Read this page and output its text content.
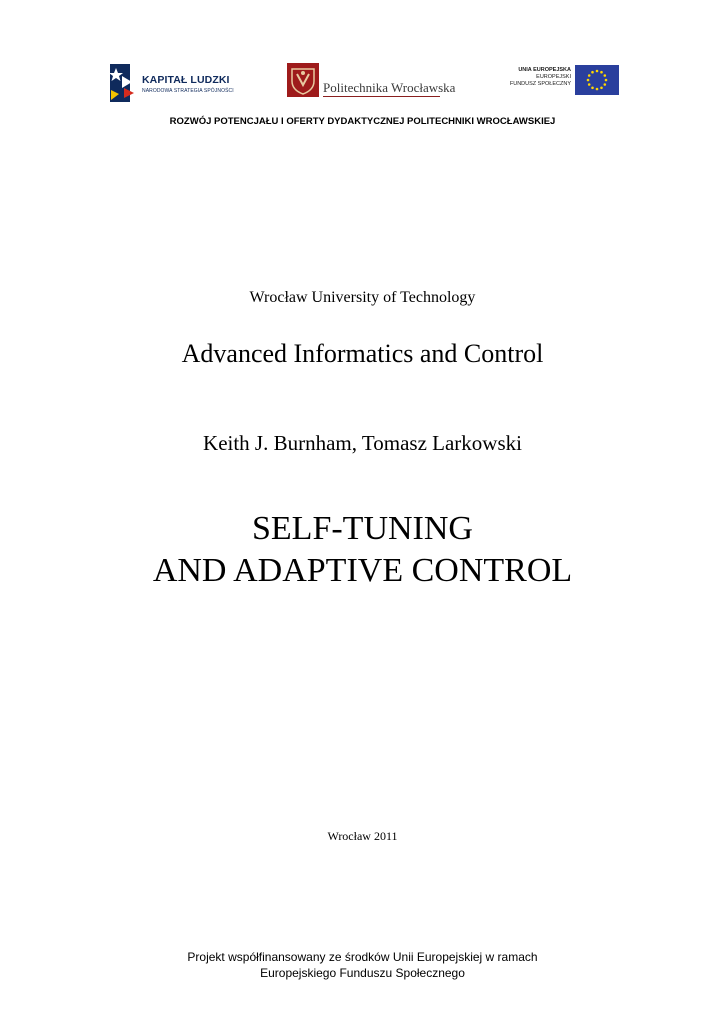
KAPITAŁ LUDZKI
NARODOWA STRATEGIA SPÓJNOŚCI	Politechnika Wrocławska
UNIA EUROPEJSKA
EUROPEJSKI
FUNDUSZ SPOŁECZNY
ROZWÓJ POTENCJAŁU I OFERTY DYDAKTYCZNEJ POLITECHNIKI WROCŁAWSKIEJ
Wrocław University of Technology
Advanced Informatics and Control
Keith J. Burnham, Tomasz Larkowski
SELF-TUNING
AND ADAPTIVE CONTROL
Wrocław 2011
Projekt współfinansowany ze środków Unii Europejskiej w ramach
Europejskiego Funduszu Społecznego
